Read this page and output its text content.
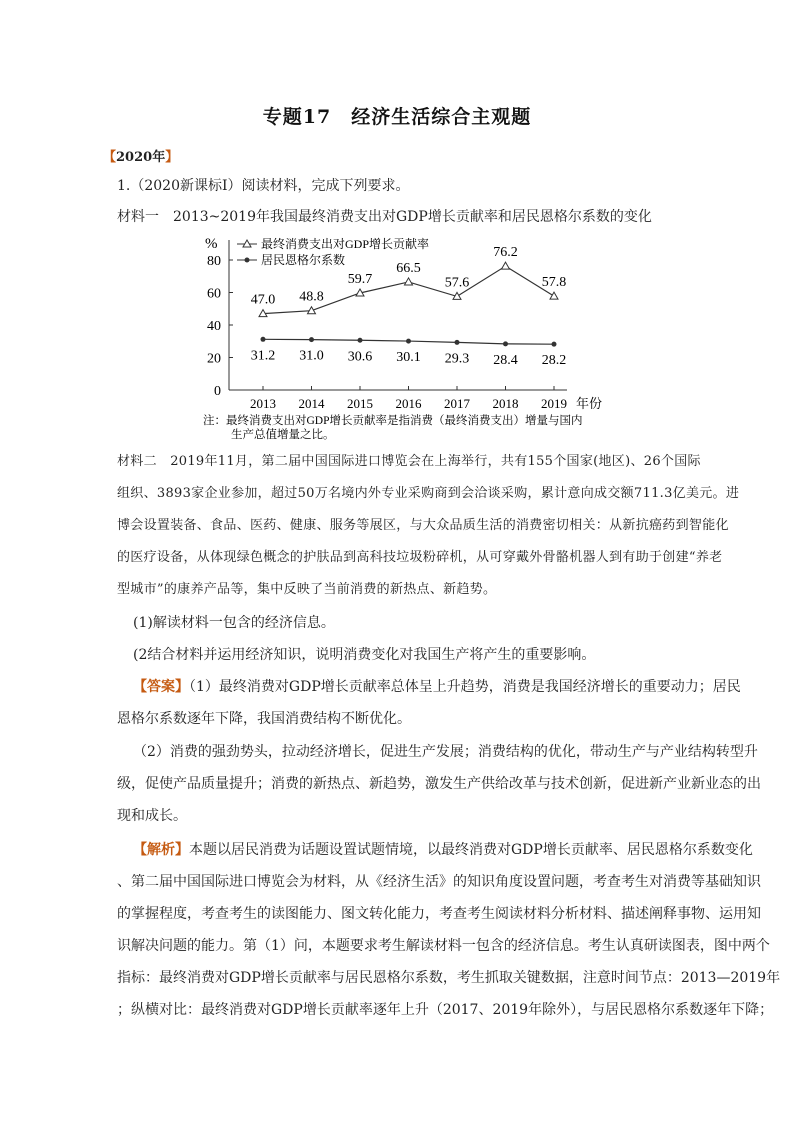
专题17　经济生活综合主观题
【2020年】
1.（2020新课标Ⅰ）阅读材料，完成下列要求。
材料一　2013~2019年我国最终消费支出对GDP增长贡献率和居民恩格尔系数的变化
%
80
60
40
20
0
2013 2014 2015 2016 2017 2018 2019 年份
47.0 48.8
59.7
66.5
57.6
76.2
57.8
31.2 31.0 30.6 30.1 29.3 28.4 28.2
最终消费支出对GDP增长贡献率
居民恩格尔系数
注：最终消费支出对GDP增长贡献率是指消费（最终消费支出）增量与国内
生产总值增量之比。
材料二　2019年11月，第二届中国国际进口博览会在上海举行，共有155个国家(地区)、26个国际
组织、3893家企业参加，超过50万名境内外专业采购商到会洽谈采购，累计意向成交额711.3亿美元。进
博会设置装备、食品、医药、健康、服务等展区，与大众品质生活的消费密切相关：从新抗癌药到智能化
的医疗设备，从体现绿色概念的护肤品到高科技垃圾粉碎机，从可穿戴外骨骼机器人到有助于创建“养老
型城市”的康养产品等，集中反映了当前消费的新热点、新趋势。
(1)解读材料一包含的经济信息。
(2结合材料并运用经济知识，说明消费变化对我国生产将产生的重要影响。
【答案】（1）最终消费对GDP增长贡献率总体呈上升趋势，消费是我国经济增长的重要动力；居民
恩格尔系数逐年下降，我国消费结构不断优化。
（2）消费的强劲势头，拉动经济增长，促进生产发展；消费结构的优化，带动生产与产业结构转型升
级，促使产品质量提升；消费的新热点、新趋势，激发生产供给改革与技术创新，促进新产业新业态的出
现和成长。
【解析】本题以居民消费为话题设置试题情境，以最终消费对GDP增长贡献率、居民恩格尔系数变化
、第二届中国国际进口博览会为材料，从《经济生活》的知识角度设置问题，考查考生对消费等基础知识
的掌握程度，考查考生的读图能力、图文转化能力，考查考生阅读材料分析材料、描述阐释事物、运用知
识解决问题的能力。第（1）问，本题要求考生解读材料一包含的经济信息。考生认真研读图表，图中两个
指标：最终消费对GDP增长贡献率与居民恩格尔系数，考生抓取关键数据，注意时间节点：2013—2019年
；纵横对比：最终消费对GDP增长贡献率逐年上升（2017、2019年除外），与居民恩格尔系数逐年下降；
